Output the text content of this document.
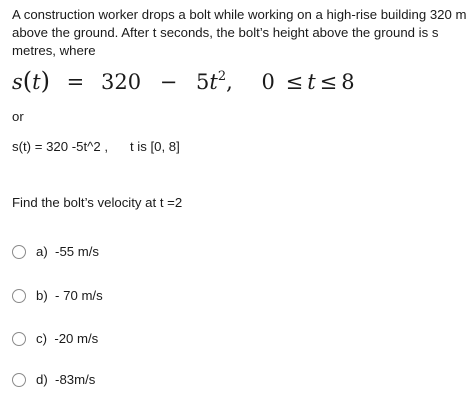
A construction worker drops a bolt while working on a high-rise building 320 m above the ground. After t seconds, the bolt’s height above the ground is s metres, where
$s(t) = 320 - 5t^2$, 0 ≤ t ≤ 8
or
s(t) = 320 -5t^2 ,      t is [0, 8]
Find the bolt’s velocity at t =2
a)  -55 m/s
b)  - 70 m/s
c)  -20 m/s
d)  -83m/s
